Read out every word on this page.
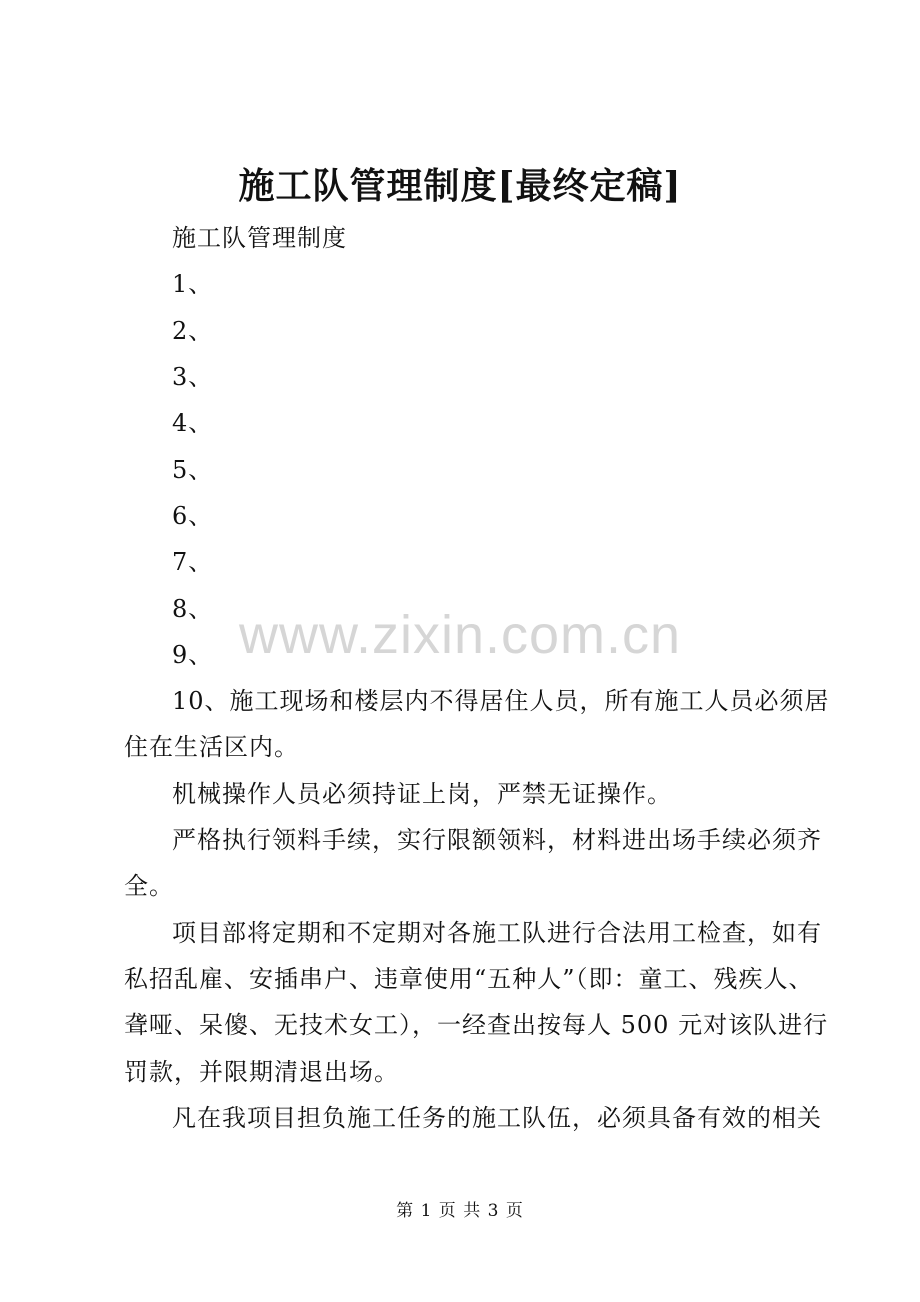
施工队管理制度[最终定稿]
施工队管理制度
1、
2、
3、
4、
5、
6、
7、
8、
9、
10、施工现场和楼层内不得居住人员，所有施工人员必须居
住在生活区内。
机械操作人员必须持证上岗，严禁无证操作。
严格执行领料手续，实行限额领料，材料进出场手续必须齐
全。
项目部将定期和不定期对各施工队进行合法用工检查，如有
私招乱雇、安插串户、违章使用“五种人”（即：童工、残疾人、
聋哑、呆傻、无技术女工），一经查出按每人 500 元对该队进行
罚款，并限期清退出场。
凡在我项目担负施工任务的施工队伍，必须具备有效的相关
www.zixin.com.cn
第 1 页 共 3 页
